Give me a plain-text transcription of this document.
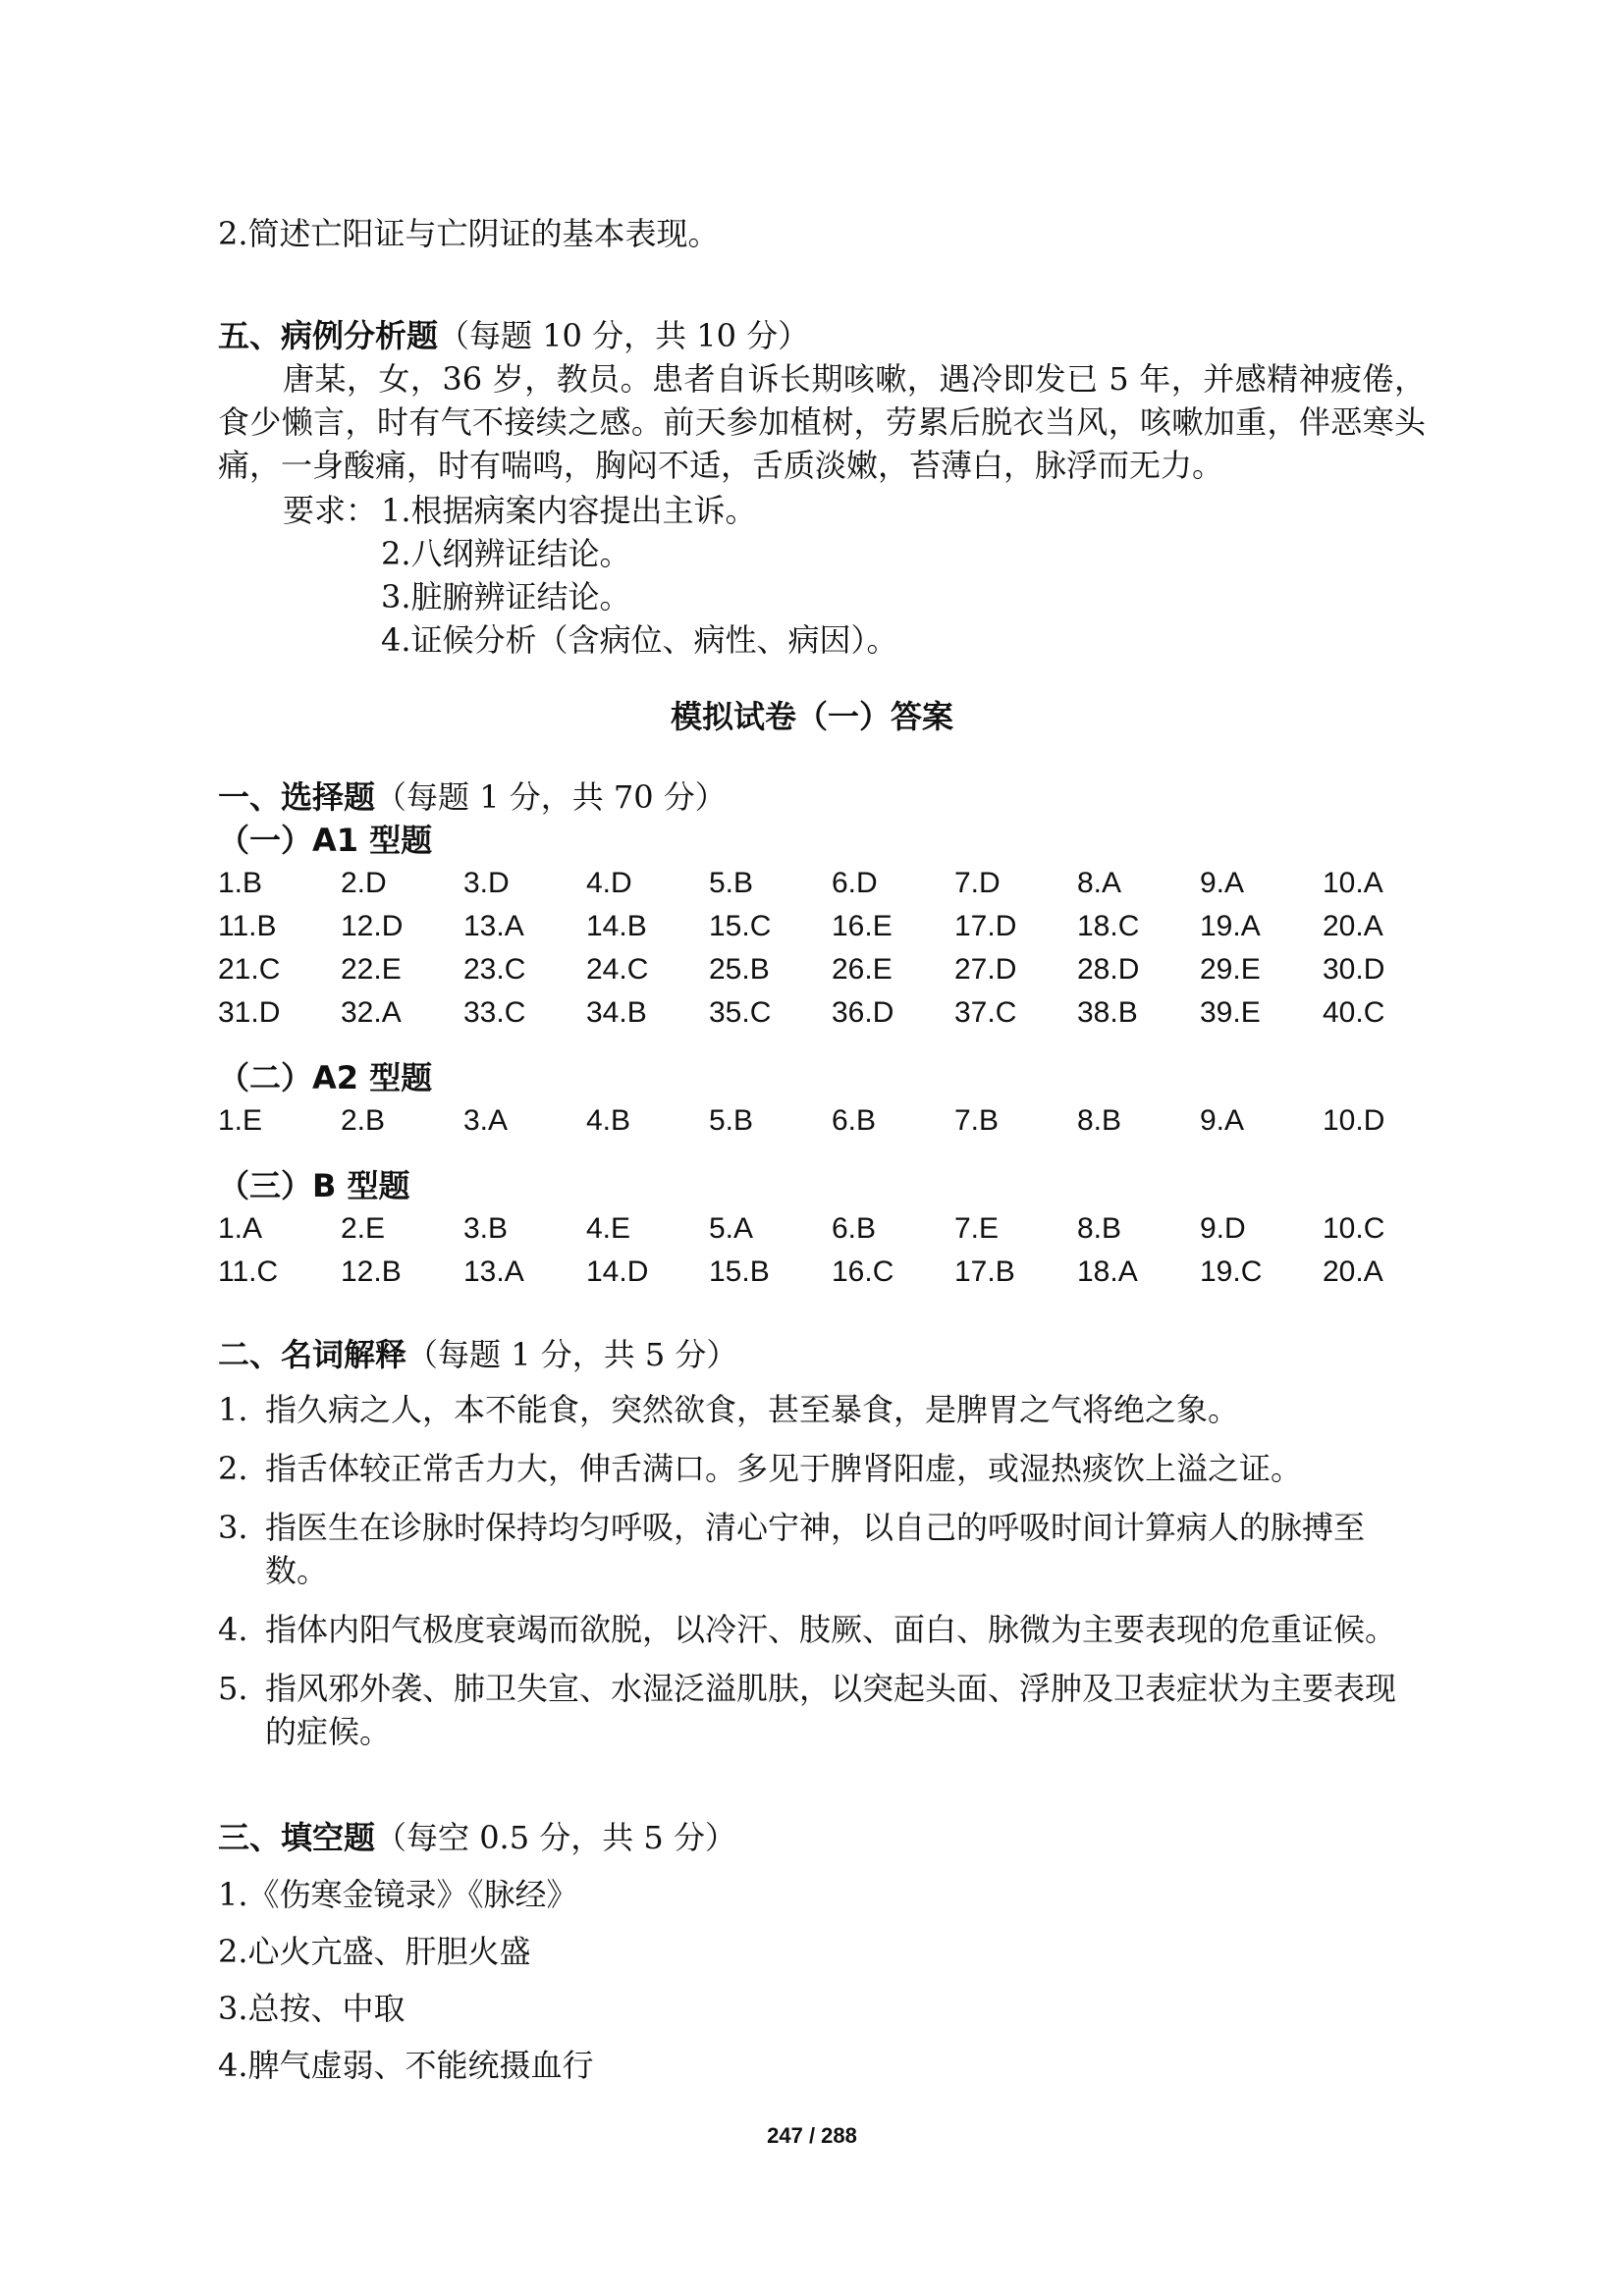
2.简述亡阳证与亡阴证的基本表现。
五、病例分析题（每题 10 分，共 10 分）
唐某，女，36 岁，教员。患者自诉长期咳嗽，遇冷即发已 5 年，并感精神疲倦，食少懒言，时有气不接续之感。前天参加植树，劳累后脱衣当风，咳嗽加重，伴恶寒头痛，一身酸痛，时有喘鸣，胸闷不适，舌质淡嫩，苔薄白，脉浮而无力。
要求： 1.根据病案内容提出主诉。
2.八纲辨证结论。
3.脏腑辨证结论。
4.证候分析（含病位、病性、病因）。
模拟试卷（一）答案
一、选择题（每题 1 分，共 70 分）
（一）A1 型题
1.B	2.D	3.D	4.D	5.B	6.D	7.D	8.A	9.A	10.A
11.B 12.D 13.A 14.B 15.C 16.E 17.D 18.C 19.A 20.A
21.C 22.E 23.C 24.C 25.B 26.E 27.D 28.D 29.E 30.D
31.D 32.A 33.C 34.B 35.C 36.D 37.C 38.B 39.E 40.C
（二）A2 型题
1.E	2.B	3.A	4.B	5.B	6.B	7.B	8.B	9.A	10.D
（三）B 型题
1.A	2.E	3.B	4.E	5.A	6.B	7.E	8.B	9.D	10.C
11.C 12.B 13.A 14.D 15.B 16.C 17.B 18.A 19.C 20.A
二、名词解释（每题 1 分，共 5 分）
1. 指久病之人，本不能食，突然欲食，甚至暴食，是脾胃之气将绝之象。
2. 指舌体较正常舌力大，伸舌满口。多见于脾肾阳虚，或湿热痰饮上溢之证。
3. 指医生在诊脉时保持均匀呼吸，清心宁神，以自己的呼吸时间计算病人的脉搏至数。
4. 指体内阳气极度衰竭而欲脱，以冷汗、肢厥、面白、脉微为主要表现的危重证候。
5. 指风邪外袭、肺卫失宣、水湿泛溢肌肤，以突起头面、浮肿及卫表症状为主要表现的症候。
三、填空题（每空 0.5 分，共 5 分）
1.《伤寒金镜录》《脉经》
2.心火亢盛、肝胆火盛
3.总按、中取
4.脾气虚弱、不能统摄血行
247 / 288
